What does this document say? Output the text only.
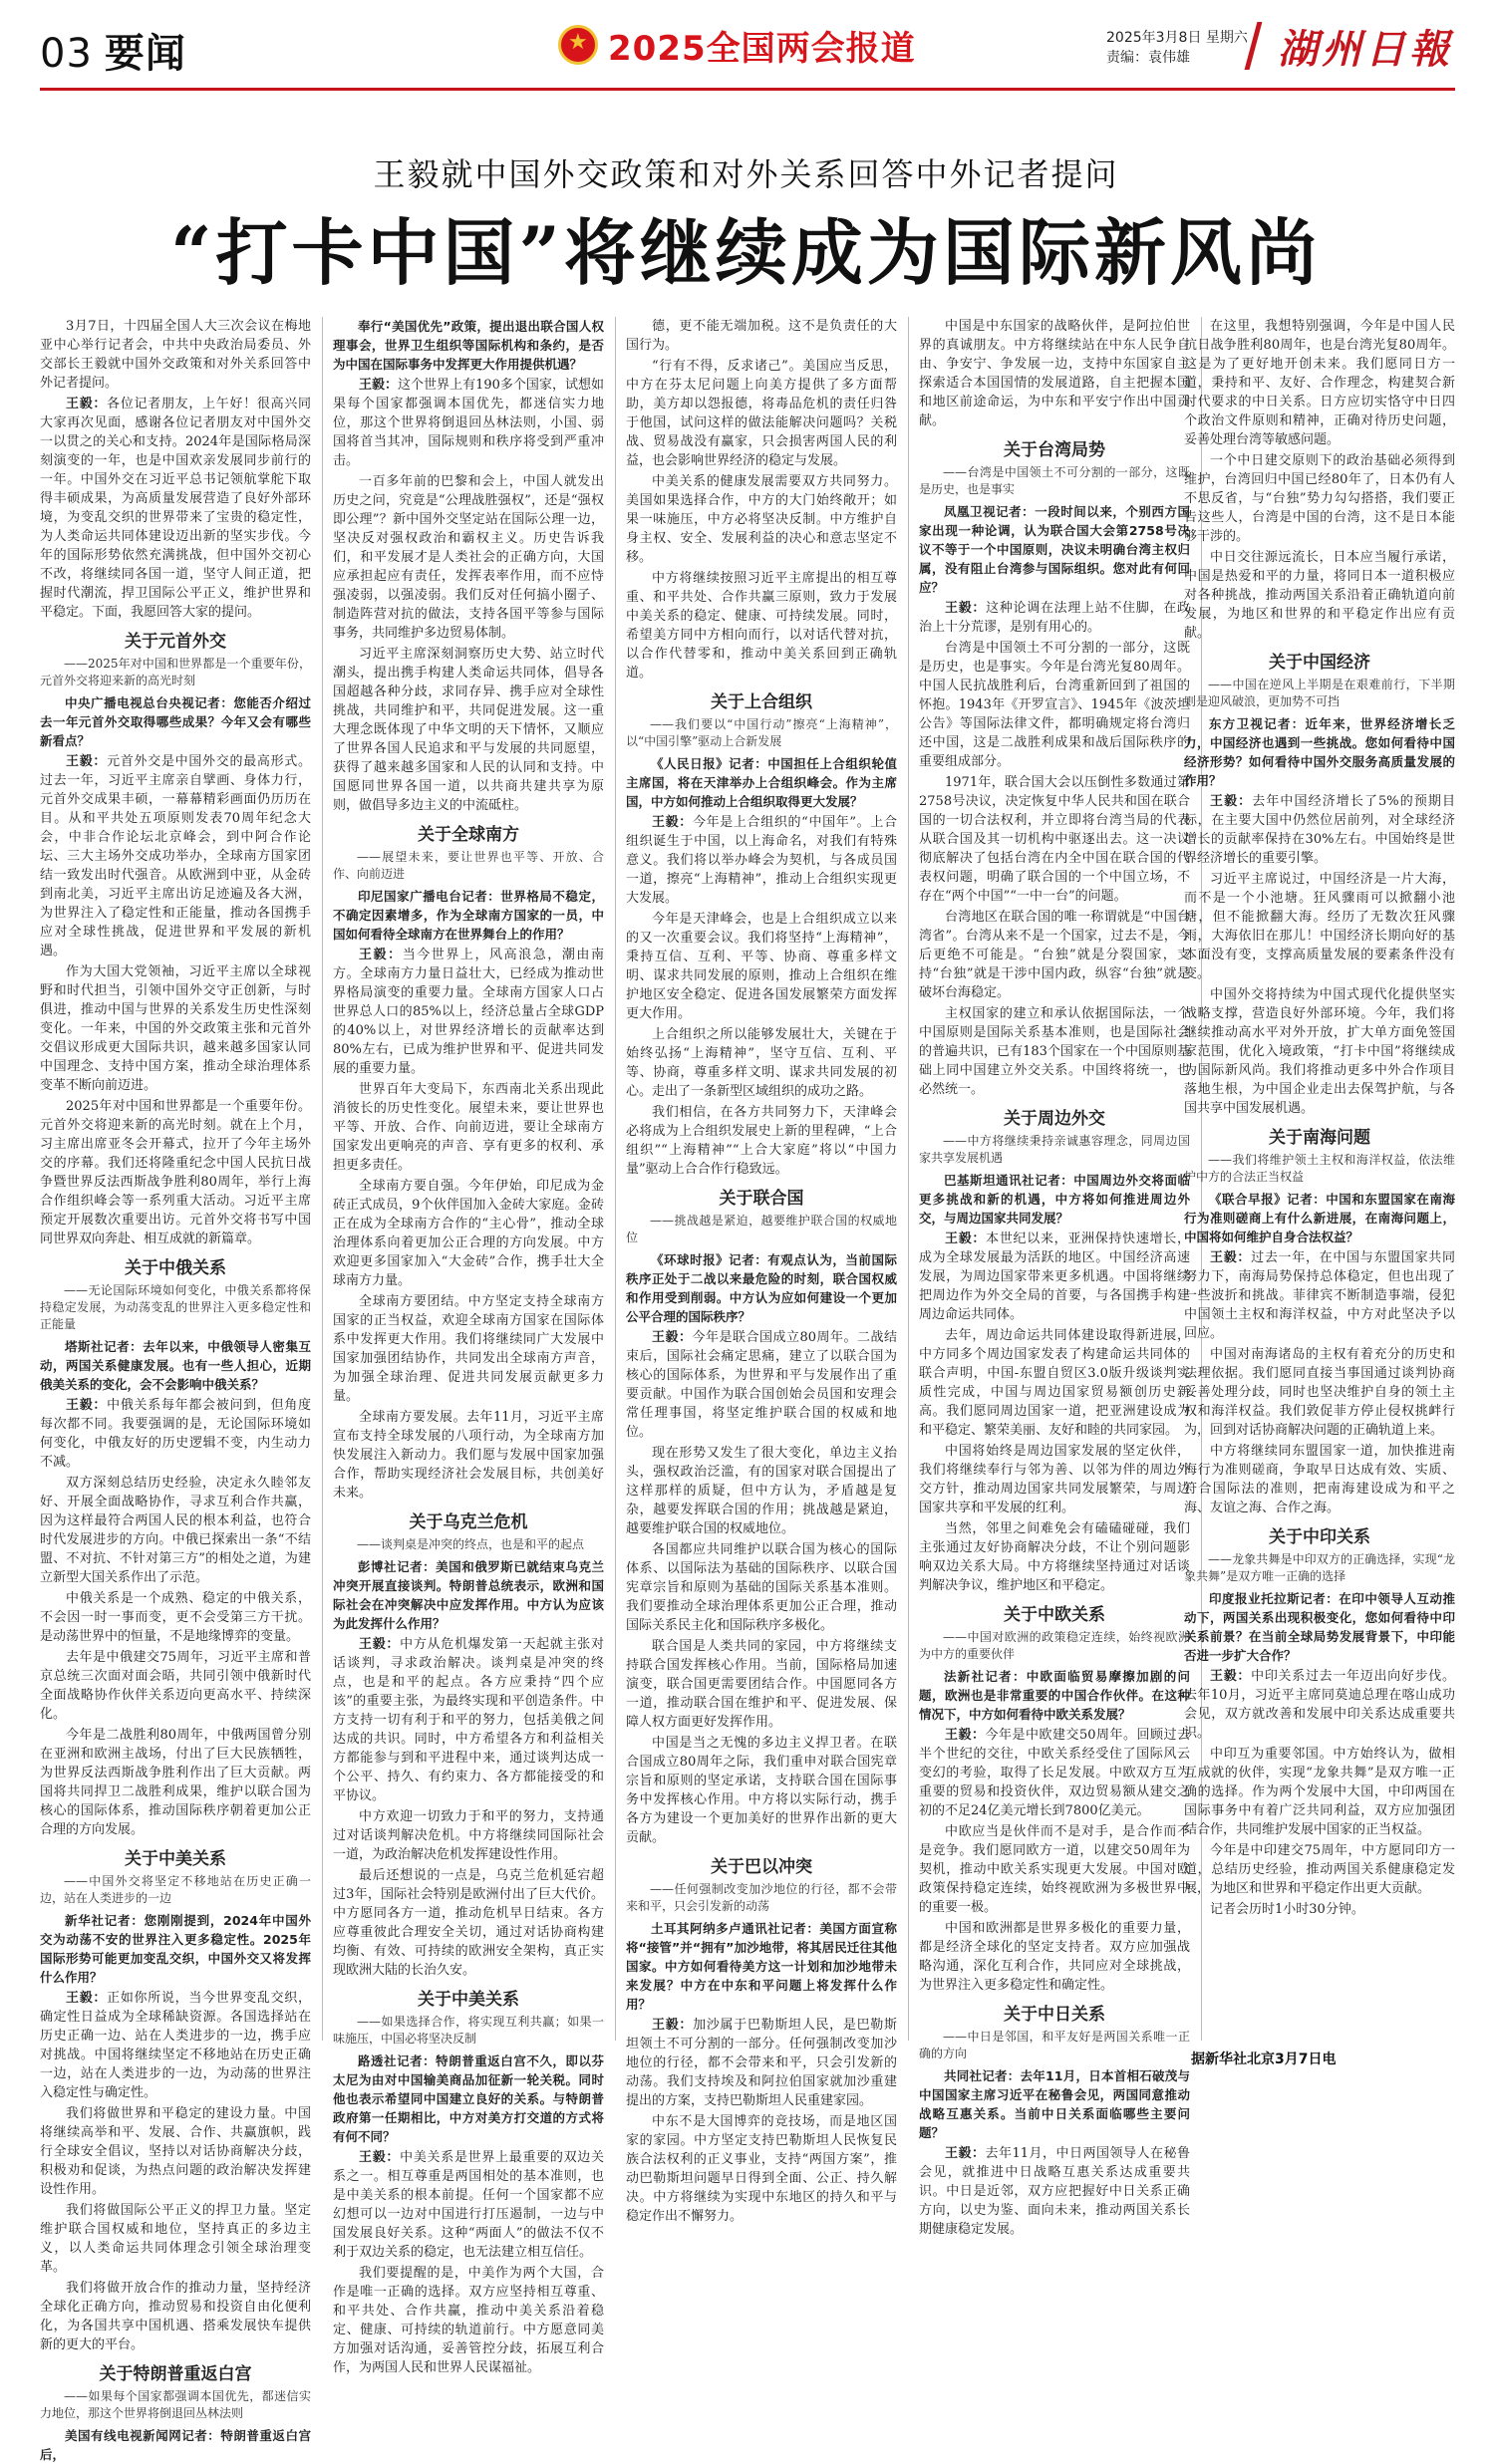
03 要闻
★	2025全国两会报道	2025年3月8日 星期六
责编：袁伟雄	湖州日報
王毅就中国外交政策和对外关系回答中外记者提问
“打卡中国”将继续成为国际新风尚

3月7日，十四届全国人大三次会议在梅地亚中心举行记者会，中共中央政治局委员、外交部长王毅就中国外交政策和对外关系回答中外记者提问。

王毅：各位记者朋友，上午好！很高兴同大家再次见面，感谢各位记者朋友对中国外交一以贯之的关心和支持。2024年是国际格局深刻演变的一年，也是中国欢亲发展同步前行的一年。中国外交在习近平总书记领航掌舵下取得丰硕成果，为高质量发展营造了良好外部环境，为变乱交织的世界带来了宝贵的稳定性，为人类命运共同体建设迈出新的坚实步伐。今年的国际形势依然充满挑战，但中国外交初心不改，将继续同各国一道，坚守人间正道，把握时代潮流，捍卫国际公平正义，维护世界和平稳定。下面，我愿回答大家的提问。

关于元首外交

——2025年对中国和世界都是一个重要年份，元首外交将迎来新的高光时刻

中央广播电视总台央视记者：您能否介绍过去一年元首外交取得哪些成果？今年又会有哪些新看点？

王毅：元首外交是中国外交的最高形式。过去一年，习近平主席亲自擘画、身体力行，元首外交成果丰硕，一幕幕精彩画面仍历历在目。从和平共处五项原则发表70周年纪念大会，中非合作论坛北京峰会，到中阿合作论坛、三大主场外交成功举办，全球南方国家团结一致发出时代强音。从欧洲到中亚，从金砖到南北美，习近平主席出访足迹遍及各大洲，为世界注入了稳定性和正能量，推动各国携手应对全球性挑战，促进世界和平发展的新机遇。

作为大国大党领袖，习近平主席以全球视野和时代担当，引领中国外交守正创新，与时俱进，推动中国与世界的关系发生历史性深刻变化。一年来，中国的外交政策主张和元首外交倡议形成更大国际共识，越来越多国家认同中国理念、支持中国方案，推动全球治理体系变革不断向前迈进。

2025年对中国和世界都是一个重要年份。元首外交将迎来新的高光时刻。就在上个月，习主席出席亚冬会开幕式，拉开了今年主场外交的序幕。我们还将隆重纪念中国人民抗日战争暨世界反法西斯战争胜利80周年，举行上海合作组织峰会等一系列重大活动。习近平主席预定开展数次重要出访。元首外交将书写中国同世界双向奔赴、相互成就的新篇章。

关于中俄关系

——无论国际环境如何变化，中俄关系都将保持稳定发展，为动荡变乱的世界注入更多稳定性和正能量

塔斯社记者：去年以来，中俄领导人密集互动，两国关系健康发展。也有一些人担心，近期俄美关系的变化，会不会影响中俄关系？

王毅：中俄关系每年都会被问到，但角度每次都不同。我要强调的是，无论国际环境如何变化，中俄友好的历史逻辑不变，内生动力不减。

双方深刻总结历史经验，决定永久睦邻友好、开展全面战略协作，寻求互利合作共赢，因为这样最符合两国人民的根本利益，也符合时代发展进步的方向。中俄已探索出一条“不结盟、不对抗、不针对第三方”的相处之道，为建立新型大国关系作出了示范。

中俄关系是一个成熟、稳定的中俄关系，不会因一时一事而变，更不会受第三方干扰。是动荡世界中的恒量，不是地缘博弈的变量。

去年是中俄建交75周年，习近平主席和普京总统三次面对面会晤，共同引领中俄新时代全面战略协作伙伴关系迈向更高水平、持续深化。

今年是二战胜利80周年，中俄两国曾分别在亚洲和欧洲主战场，付出了巨大民族牺牲，为世界反法西斯战争胜利作出了巨大贡献。两国将共同捍卫二战胜利成果，维护以联合国为核心的国际体系，推动国际秩序朝着更加公正合理的方向发展。

关于中美关系

——中国外交将坚定不移地站在历史正确一边，站在人类进步的一边

新华社记者：您刚刚提到，2024年中国外交为动荡不安的世界注入更多稳定性。2025年国际形势可能更加变乱交织，中国外交又将发挥什么作用？

王毅：正如你所说，当今世界变乱交织，确定性日益成为全球稀缺资源。各国选择站在历史正确一边、站在人类进步的一边，携手应对挑战。中国将继续坚定不移地站在历史正确一边，站在人类进步的一边，为动荡的世界注入稳定性与确定性。

我们将做世界和平稳定的建设力量。中国将继续高举和平、发展、合作、共赢旗帜，践行全球安全倡议，坚持以对话协商解决分歧，积极劝和促谈，为热点问题的政治解决发挥建设性作用。

我们将做国际公平正义的捍卫力量。坚定维护联合国权威和地位，坚持真正的多边主义，以人类命运共同体理念引领全球治理变革。

我们将做开放合作的推动力量，坚持经济全球化正确方向，推动贸易和投资自由化便利化，为各国共享中国机遇、搭乘发展快车提供新的更大的平台。

关于特朗普重返白宫

——如果每个国家都强调本国优先，都迷信实力地位，那这个世界将倒退回丛林法则

美国有线电视新闻网记者：特朗普重返白宫后，

奉行“美国优先”政策，提出退出联合国人权理事会，世界卫生组织等国际机构和条约，是否为中国在国际事务中发挥更大作用提供机遇？

王毅：这个世界上有190多个国家，试想如果每个国家都强调本国优先，都迷信实力地位，那这个世界将倒退回丛林法则，小国、弱国将首当其冲，国际规则和秩序将受到严重冲击。

一百多年前的巴黎和会上，中国人就发出历史之问，究竟是“公理战胜强权”，还是“强权即公理”？新中国外交坚定站在国际公理一边，坚决反对强权政治和霸权主义。历史告诉我们，和平发展才是人类社会的正确方向，大国应承担起应有责任，发挥表率作用，而不应恃强凌弱，以强凌弱。我们反对任何搞小圈子、制造阵营对抗的做法，支持各国平等参与国际事务，共同维护多边贸易体制。

习近平主席深刻洞察历史大势、站立时代潮头，提出携手构建人类命运共同体，倡导各国超越各种分歧，求同存异、携手应对全球性挑战，共同维护和平，共同促进发展。这一重大理念既体现了中华文明的天下情怀，又顺应了世界各国人民追求和平与发展的共同愿望，获得了越来越多国家和人民的认同和支持。中国愿同世界各国一道，以共商共建共享为原则，做倡导多边主义的中流砥柱。

关于全球南方

——展望未来，要让世界也平等、开放、合作、向前迈进

印尼国家广播电台记者：世界格局不稳定，不确定因素增多，作为全球南方国家的一员，中国如何看待全球南方在世界舞台上的作用？

王毅：当今世界上，风高浪急，潮由南方。全球南方力量日益壮大，已经成为推动世界格局演变的重要力量。全球南方国家人口占世界总人口的85%以上，经济总量占全球GDP的40%以上，对世界经济增长的贡献率达到80%左右，已成为维护世界和平、促进共同发展的重要力量。

世界百年大变局下，东西南北关系出现此消彼长的历史性变化。展望未来，要让世界也平等、开放、合作、向前迈进，要让全球南方国家发出更响亮的声音、享有更多的权利、承担更多责任。

全球南方要自强。今年伊始，印尼成为金砖正式成员，9个伙伴国加入金砖大家庭。金砖正在成为全球南方合作的“主心骨”，推动全球治理体系向着更加公正合理的方向发展。中方欢迎更多国家加入“大金砖”合作，携手壮大全球南方力量。

全球南方要团结。中方坚定支持全球南方国家的正当权益，欢迎全球南方国家在国际体系中发挥更大作用。我们将继续同广大发展中国家加强团结协作，共同发出全球南方声音，为加强全球治理、促进共同发展贡献更多力量。

全球南方要发展。去年11月，习近平主席宣布支持全球发展的八项行动，为全球南方加快发展注入新动力。我们愿与发展中国家加强合作，帮助实现经济社会发展目标，共创美好未来。

关于乌克兰危机

——谈判桌是冲突的终点，也是和平的起点

彭博社记者：美国和俄罗斯已就结束乌克兰冲突开展直接谈判。特朗普总统表示，欧洲和国际社会在冲突解决中应发挥作用。中方认为应该为此发挥什么作用？

王毅：中方从危机爆发第一天起就主张对话谈判，寻求政治解决。谈判桌是冲突的终点，也是和平的起点。各方应秉持“四个应该”的重要主张，为最终实现和平创造条件。中方支持一切有利于和平的努力，包括美俄之间达成的共识。同时，中方希望各方和利益相关方都能参与到和平进程中来，通过谈判达成一个公平、持久、有约束力、各方都能接受的和平协议。

中方欢迎一切致力于和平的努力，支持通过对话谈判解决危机。中方将继续同国际社会一道，为政治解决危机发挥建设性作用。

最后还想说的一点是，乌克兰危机延宕超过3年，国际社会特别是欧洲付出了巨大代价。中方愿同各方一道，推动危机早日结束。各方应尊重彼此合理安全关切，通过对话协商构建均衡、有效、可持续的欧洲安全架构，真正实现欧洲大陆的长治久安。

关于中美关系

——如果选择合作，将实现互利共赢；如果一味施压，中国必将坚决反制

路透社记者：特朗普重返白宫不久，即以芬太尼为由对中国输美商品加征新一轮关税。同时他也表示希望同中国建立良好的关系。与特朗普政府第一任期相比，中方对美方打交道的方式将有何不同？

王毅：中美关系是世界上最重要的双边关系之一。相互尊重是两国相处的基本准则，也是中美关系的根本前提。任何一个国家都不应幻想可以一边对中国进行打压遏制，一边与中国发展良好关系。这种“两面人”的做法不仅不利于双边关系的稳定，也无法建立相互信任。

我们要提醒的是，中美作为两个大国，合作是唯一正确的选择。双方应坚持相互尊重、和平共处、合作共赢，推动中美关系沿着稳定、健康、可持续的轨道前行。中方愿意同美方加强对话沟通，妥善管控分歧，拓展互利合作，为两国人民和世界人民谋福祉。

德，更不能无端加税。这不是负责任的大国行为。

“行有不得，反求诸己”。美国应当反思，中方在芬太尼问题上向美方提供了多方面帮助，美方却以怨报德，将毒品危机的责任归咎于他国，试问这样的做法能解决问题吗？关税战、贸易战没有赢家，只会损害两国人民的利益，也会影响世界经济的稳定与发展。

中美关系的健康发展需要双方共同努力。美国如果选择合作，中方的大门始终敞开；如果一味施压，中方必将坚决反制。中方维护自身主权、安全、发展利益的决心和意志坚定不移。

中方将继续按照习近平主席提出的相互尊重、和平共处、合作共赢三原则，致力于发展中美关系的稳定、健康、可持续发展。同时，希望美方同中方相向而行，以对话代替对抗，以合作代替零和，推动中美关系回到正确轨道。

关于上合组织

——我们要以“中国行动”擦亮“上海精神”，以“中国引擎”驱动上合新发展

《人民日报》记者：中国担任上合组织轮值主席国，将在天津举办上合组织峰会。作为主席国，中方如何推动上合组织取得更大发展？

王毅：今年是上合组织的“中国年”。上合组织诞生于中国，以上海命名，对我们有特殊意义。我们将以举办峰会为契机，与各成员国一道，擦亮“上海精神”，推动上合组织实现更大发展。

今年是天津峰会，也是上合组织成立以来的又一次重要会议。我们将坚持“上海精神”，秉持互信、互利、平等、协商、尊重多样文明、谋求共同发展的原则，推动上合组织在维护地区安全稳定、促进各国发展繁荣方面发挥更大作用。

上合组织之所以能够发展壮大，关键在于始终弘扬“上海精神”，坚守互信、互利、平等、协商，尊重多样文明、谋求共同发展的初心。走出了一条新型区域组织的成功之路。

我们相信，在各方共同努力下，天津峰会必将成为上合组织发展史上新的里程碑，“上合组织”“上海精神”“上合大家庭”将以“中国力量”驱动上合合作行稳致远。

关于联合国

——挑战越是紧迫，越要维护联合国的权威地位

《环球时报》记者：有观点认为，当前国际秩序正处于二战以来最危险的时刻，联合国权威和作用受到削弱。中方认为应如何建设一个更加公平合理的国际秩序？

王毅：今年是联合国成立80周年。二战结束后，国际社会痛定思痛，建立了以联合国为核心的国际体系，为世界和平与发展作出了重要贡献。中国作为联合国创始会员国和安理会常任理事国，将坚定维护联合国的权威和地位。

现在形势又发生了很大变化，单边主义抬头，强权政治泛滥，有的国家对联合国提出了这样那样的质疑，但中方认为，矛盾越是复杂，越要发挥联合国的作用；挑战越是紧迫，越要维护联合国的权威地位。

各国都应共同维护以联合国为核心的国际体系、以国际法为基础的国际秩序、以联合国宪章宗旨和原则为基础的国际关系基本准则。我们要推动全球治理体系更加公正合理，推动国际关系民主化和国际秩序多极化。

联合国是人类共同的家园，中方将继续支持联合国发挥核心作用。当前，国际格局加速演变，联合国更需要团结合作。中国愿同各方一道，推动联合国在维护和平、促进发展、保障人权方面更好发挥作用。

中国是当之无愧的多边主义捍卫者。在联合国成立80周年之际，我们重申对联合国宪章宗旨和原则的坚定承诺，支持联合国在国际事务中发挥核心作用。中方将以实际行动，携手各方为建设一个更加美好的世界作出新的更大贡献。

关于巴以冲突

——任何强制改变加沙地位的行径，都不会带来和平，只会引发新的动荡

土耳其阿纳多卢通讯社记者：美国方面宣称将“接管”并“拥有”加沙地带，将其居民迁往其他国家。中方如何看待美方这一计划和加沙地带未来发展？中方在中东和平问题上将发挥什么作用？

王毅：加沙属于巴勒斯坦人民，是巴勒斯坦领土不可分割的一部分。任何强制改变加沙地位的行径，都不会带来和平，只会引发新的动荡。我们支持埃及和阿拉伯国家就加沙重建提出的方案，支持巴勒斯坦人民重建家园。

中东不是大国博弈的竞技场，而是地区国家的家园。中方坚定支持巴勒斯坦人民恢复民族合法权利的正义事业，支持“两国方案”，推动巴勒斯坦问题早日得到全面、公正、持久解决。中方将继续为实现中东地区的持久和平与稳定作出不懈努力。

中国是中东国家的战略伙伴，是阿拉伯世界的真诚朋友。中方将继续站在中东人民争自由、争安宁、争发展一边，支持中东国家自主探索适合本国国情的发展道路，自主把握本国和地区前途命运，为中东和平安宁作出中国贡献。

关于台湾局势

——台湾是中国领土不可分割的一部分，这既是历史，也是事实

凤凰卫视记者：一段时间以来，个别西方国家出现一种论调，认为联合国大会第2758号决议不等于一个中国原则，决议未明确台湾主权归属，没有阻止台湾参与国际组织。您对此有何回应？

王毅：这种论调在法理上站不住脚，在政治上十分荒谬，是别有用心的。

台湾是中国领土不可分割的一部分，这既是历史，也是事实。今年是台湾光复80周年。中国人民抗战胜利后，台湾重新回到了祖国的怀抱。1943年《开罗宣言》、1945年《波茨坦公告》等国际法律文件，都明确规定将台湾归还中国，这是二战胜利成果和战后国际秩序的重要组成部分。

1971年，联合国大会以压倒性多数通过第2758号决议，决定恢复中华人民共和国在联合国的一切合法权利，并立即将台湾当局的代表从联合国及其一切机构中驱逐出去。这一决议彻底解决了包括台湾在内全中国在联合国的代表权问题，明确了联合国的一个中国立场，不存在“两个中国”“一中一台”的问题。

台湾地区在联合国的唯一称谓就是“中国台湾省”。台湾从来不是一个国家，过去不是，今后更绝不可能是。“台独”就是分裂国家，支持“台独”就是干涉中国内政，纵容“台独”就是破坏台海稳定。

主权国家的建立和承认依据国际法，一个中国原则是国际关系基本准则，也是国际社会的普遍共识，已有183个国家在一个中国原则基础上同中国建立外交关系。中国终将统一，也必然统一。

关于周边外交

——中方将继续秉持亲诚惠容理念，同周边国家共享发展机遇

巴基斯坦通讯社记者：中国周边外交将面临更多挑战和新的机遇，中方将如何推进周边外交，与周边国家共同发展？

王毅：本世纪以来，亚洲保持快速增长，成为全球发展最为活跃的地区。中国经济高速发展，为周边国家带来更多机遇。中国将继续把周边作为外交全局的首要，与各国携手构建周边命运共同体。

去年，周边命运共同体建设取得新进展，中方同多个周边国家发表了构建命运共同体的联合声明，中国-东盟自贸区3.0版升级谈判实质性完成，中国与周边国家贸易额创历史新高。我们愿同周边国家一道，把亚洲建设成为和平稳定、繁荣美丽、友好和睦的共同家园。

中国将始终是周边国家发展的坚定伙伴，我们将继续奉行与邻为善、以邻为伴的周边外交方针，推动周边国家共同发展繁荣，与周边国家共享和平发展的红利。

当然，邻里之间难免会有磕磕碰碰，我们主张通过友好协商解决分歧，不让个别问题影响双边关系大局。中方将继续坚持通过对话谈判解决争议，维护地区和平稳定。

关于中欧关系

——中国对欧洲的政策稳定连续，始终视欧洲为中方的重要伙伴

法新社记者：中欧面临贸易摩擦加剧的问题，欧洲也是非常重要的中国合作伙伴。在这种情况下，中方如何看待中欧关系发展？

王毅：今年是中欧建交50周年。回顾过去半个世纪的交往，中欧关系经受住了国际风云变幻的考验，取得了长足发展。中欧双方互为重要的贸易和投资伙伴，双边贸易额从建交之初的不足24亿美元增长到7800亿美元。

中欧应当是伙伴而不是对手，是合作而不是竞争。我们愿同欧方一道，以建交50周年为契机，推动中欧关系实现更大发展。中国对欧政策保持稳定连续，始终视欧洲为多极世界中的重要一极。

中国和欧洲都是世界多极化的重要力量，都是经济全球化的坚定支持者。双方应加强战略沟通，深化互利合作，共同应对全球挑战，为世界注入更多稳定性和确定性。

关于中日关系

——中日是邻国，和平友好是两国关系唯一正确的方向

共同社记者：去年11月，日本首相石破茂与中国国家主席习近平在秘鲁会见，两国同意推动战略互惠关系。当前中日关系面临哪些主要问题？

王毅：去年11月，中日两国领导人在秘鲁会见，就推进中日战略互惠关系达成重要共识。中日是近邻，双方应把握好中日关系正确方向，以史为鉴、面向未来，推动两国关系长期健康稳定发展。

在这里，我想特别强调，今年是中国人民抗日战争胜利80周年，也是台湾光复80周年。这是为了更好地开创未来。我们愿同日方一道，秉持和平、友好、合作理念，构建契合新时代要求的中日关系。日方应切实恪守中日四个政治文件原则和精神，正确对待历史问题，妥善处理台湾等敏感问题。

一个中日建交原则下的政治基础必须得到维护，台湾回归中国已经80年了，日本仍有人不思反省，与“台独”势力勾勾搭搭，我们要正告这些人，台湾是中国的台湾，这不是日本能够干涉的。

中日交往源远流长，日本应当履行承诺，中国是热爱和平的力量，将同日本一道积极应对各种挑战，推动两国关系沿着正确轨道向前发展，为地区和世界的和平稳定作出应有贡献。

关于中国经济

——中国在逆风上半期是在艰难前行，下半期则是迎风破浪，更加势不可挡

东方卫视记者：近年来，世界经济增长乏力，中国经济也遇到一些挑战。您如何看待中国经济形势？如何看待中国外交服务高质量发展的作用？

王毅：去年中国经济增长了5%的预期目标，在主要大国中仍然位居前列，对全球经济增长的贡献率保持在30%左右。中国始终是世界经济增长的重要引擎。

习近平主席说过，中国经济是一片大海，而不是一个小池塘。狂风骤雨可以掀翻小池塘，但不能掀翻大海。经历了无数次狂风骤雨，大海依旧在那儿！中国经济长期向好的基本面没有变，支撑高质量发展的要素条件没有变。

中国外交将持续为中国式现代化提供坚实战略支撑，营造良好外部环境。今年，我们将继续推动高水平对外开放，扩大单方面免签国家范围，优化入境政策，“打卡中国”将继续成为国际新风尚。我们将推动更多中外合作项目落地生根，为中国企业走出去保驾护航，与各国共享中国发展机遇。

关于南海问题

——我们将维护领土主权和海洋权益，依法维护中方的合法正当权益

《联合早报》记者：中国和东盟国家在南海行为准则磋商上有什么新进展，在南海问题上，中国将如何维护自身合法权益？

王毅：过去一年，在中国与东盟国家共同努力下，南海局势保持总体稳定，但也出现了一些波折和挑战。菲律宾不断制造事端，侵犯中国领土主权和海洋权益，中方对此坚决予以回应。

中国对南海诸岛的主权有着充分的历史和法理依据。我们愿同直接当事国通过谈判协商妥善处理分歧，同时也坚决维护自身的领土主权和海洋权益。我们敦促菲方停止侵权挑衅行为，回到对话协商解决问题的正确轨道上来。

中方将继续同东盟国家一道，加快推进南海行为准则磋商，争取早日达成有效、实质、符合国际法的准则，把南海建设成为和平之海、友谊之海、合作之海。

关于中印关系

——龙象共舞是中印双方的正确选择，实现“龙象共舞”是双方唯一正确的选择

印度报业托拉斯记者：在印中领导人互动推动下，两国关系出现积极变化，您如何看待中印关系前景？在当前全球局势发展背景下，中印能否进一步扩大合作？

王毅：中印关系过去一年迈出向好步伐。去年10月，习近平主席同莫迪总理在喀山成功会见，双方就改善和发展中印关系达成重要共识。

中印互为重要邻国。中方始终认为，做相互成就的伙伴，实现“龙象共舞”是双方唯一正确的选择。作为两个发展中大国，中印两国在国际事务中有着广泛共同利益，双方应加强团结合作，共同维护发展中国家的正当权益。

今年是中印建交75周年，中方愿同印方一道，总结历史经验，推动两国关系健康稳定发展，为地区和世界和平稳定作出更大贡献。

记者会历时1小时30分钟。

据新华社北京3月7日电
